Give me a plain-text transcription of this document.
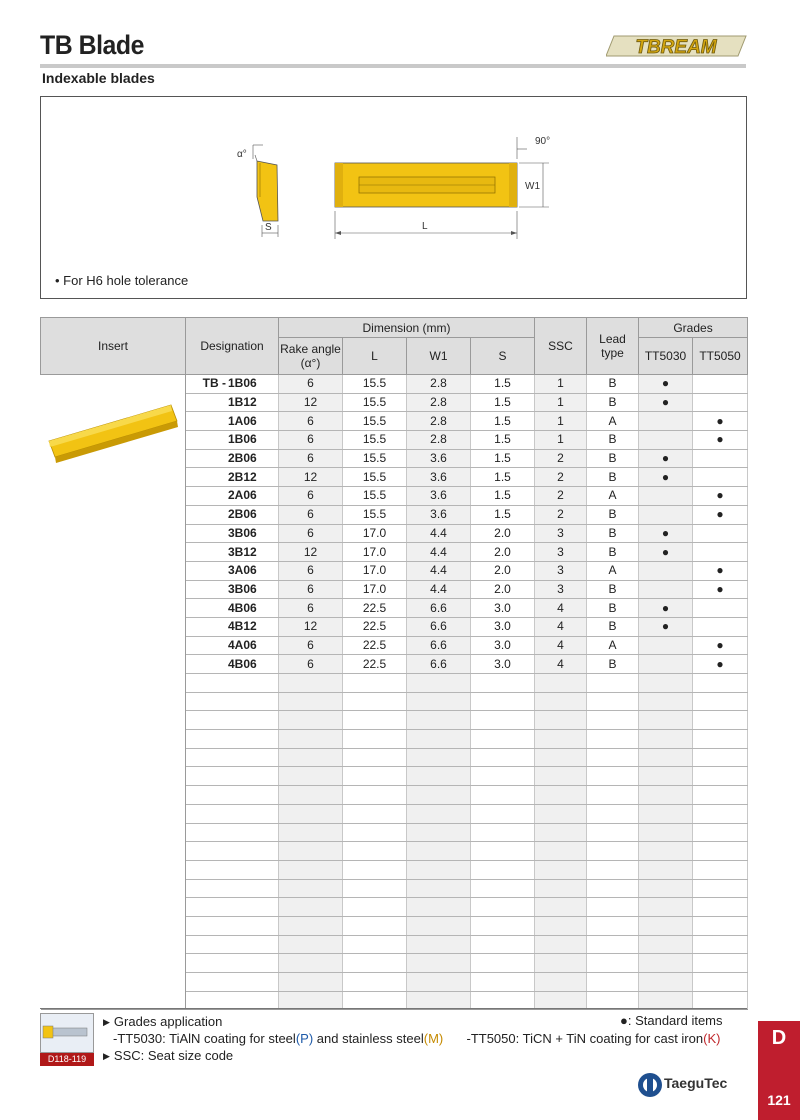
TB Blade	TBREAM
Indexable blades
α°
S
W1
90°
L
• For H6 hole tolerance
Insert	Designation	Dimension (mm)				SSC	Lead type	Grades	
		Rake angle (α°)	L	W1	S			TT5030	TT5050
	TB - 1B06	6	15.5	2.8	1.5	1	B	●	
	1B12	12	15.5	2.8	1.5	1	B	●	
	1A06	6	15.5	2.8	1.5	1	A		●
	1B06	6	15.5	2.8	1.5	1	B		●
	2B06	6	15.5	3.6	1.5	2	B	●	
	2B12	12	15.5	3.6	1.5	2	B	●	
	2A06	6	15.5	3.6	1.5	2	A		●
	2B06	6	15.5	3.6	1.5	2	B		●
	3B06	6	17.0	4.4	2.0	3	B	●	
	3B12	12	17.0	4.4	2.0	3	B	●	
	3A06	6	17.0	4.4	2.0	3	A		●
	3B06	6	17.0	4.4	2.0	3	B		●
	4B06	6	22.5	6.6	3.0	4	B	●	
	4B12	12	22.5	6.6	3.0	4	B	●	
	4A06	6	22.5	6.6	3.0	4	A		●
	4B06	6	22.5	6.6	3.0	4	B		●

D118-119
▶ Grades application
-TT5030: TiAlN coating for steel(P) and stainless steel(M) -TT5050: TiCN + TiN coating for cast iron(K)
▶ SSC: Seat size code
●: Standard items
D
121
TaeguTec
